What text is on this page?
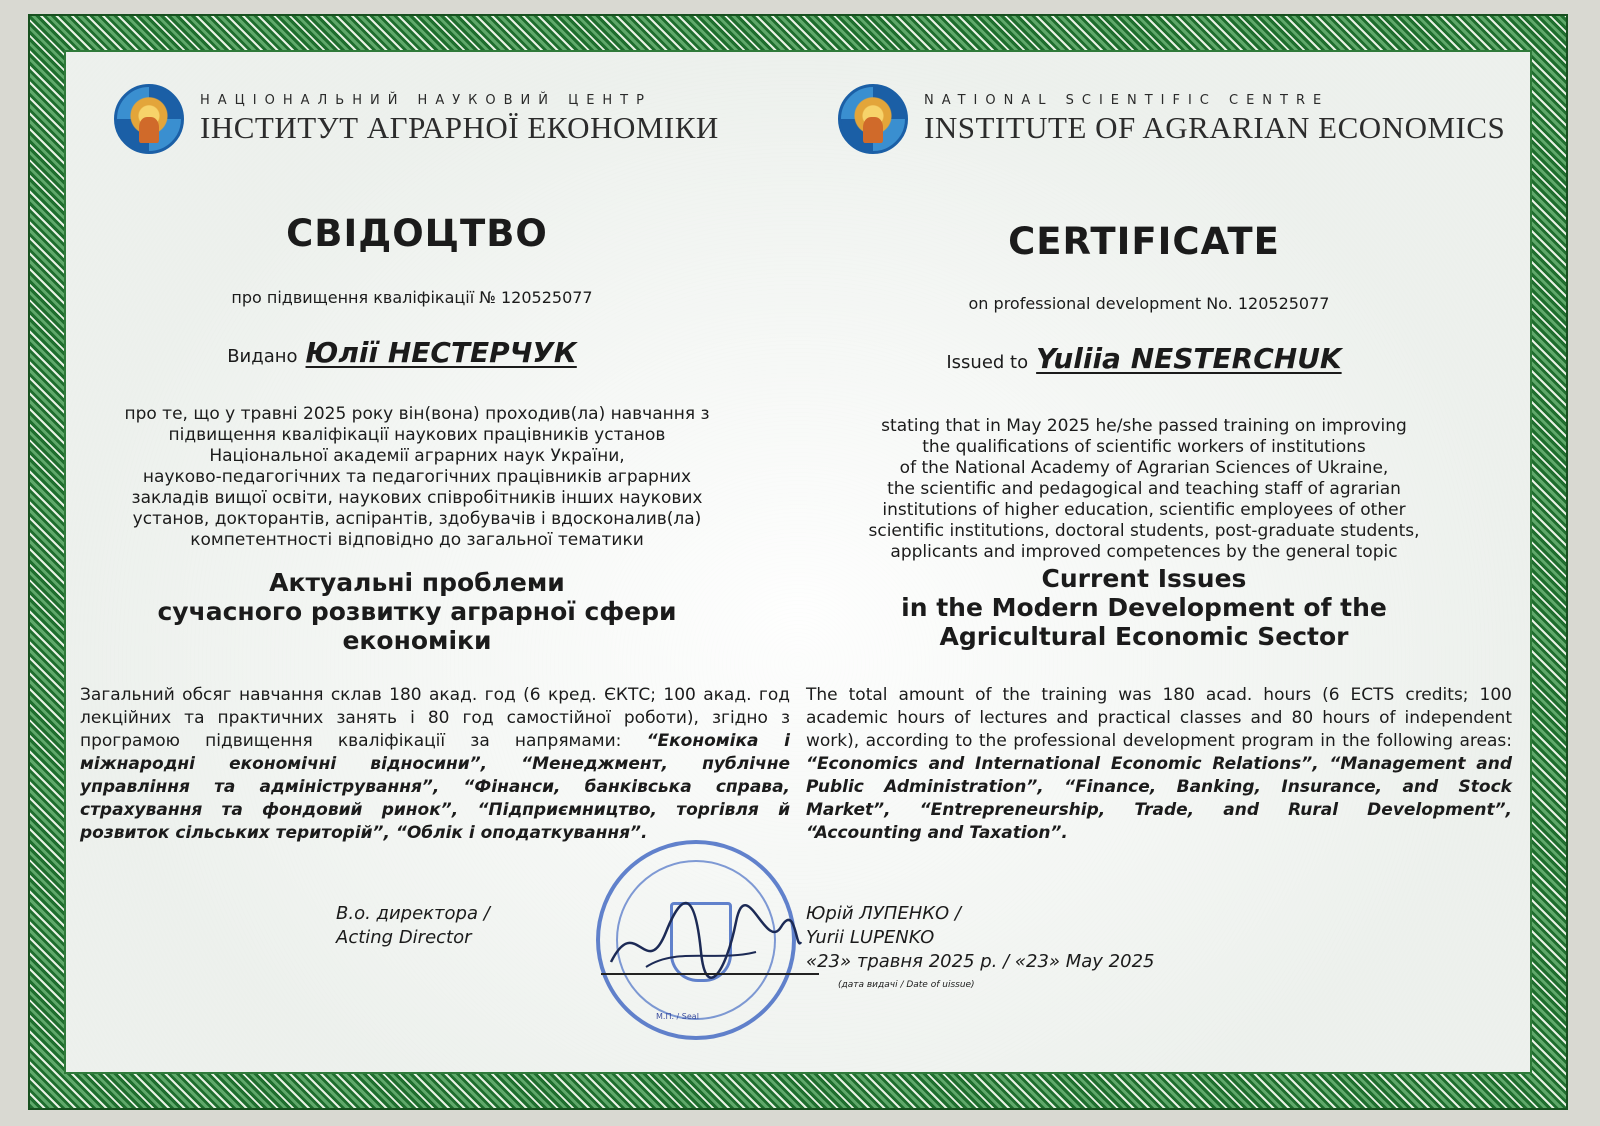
НАЦІОНАЛЬНИЙ НАУКОВИЙ ЦЕНТР
ІНСТИТУТ АГРАРНОЇ ЕКОНОМІКИ
СВІДОЦТВО
про підвищення кваліфікації № 120525077
Видано Юлії НЕСТЕРЧУК
про те, що у травні 2025 року він(вона) проходив(ла) навчання з
підвищення кваліфікації наукових працівників установ
Національної академії аграрних наук України,
науково-педагогічних та педагогічних працівників аграрних
закладів вищої освіти, наукових співробітників інших наукових
установ, докторантів, аспірантів, здобувачів і вдосконалив(ла)
компетентності відповідно до загальної тематики
Актуальні проблеми
сучасного розвитку аграрної сфери
економіки
Загальний обсяг навчання склав 180 акад. год (6 кред. ЄКТС; 100 акад. год лекційних та практичних занять і 80 год самостійної роботи), згідно з програмою підвищення кваліфікації за напрямами: “Економіка і міжнародні економічні відносини”, “Менеджмент, публічне управління та адміністрування”, “Фінанси, банківська справа, страхування та фондовий ринок”, “Підприємництво, торгівля й розвиток сільських територій”, “Облік і оподаткування”.
В.о. директора /
Acting Director
М.П. / Seal
NATIONAL SCIENTIFIC CENTRE
INSTITUTE OF AGRARIAN ECONOMICS
CERTIFICATE
on professional development No. 120525077
Issued to Yuliia NESTERCHUK
stating that in May 2025 he/she passed training on improving
the qualifications of scientific workers of institutions
of the National Academy of Agrarian Sciences of Ukraine,
the scientific and pedagogical and teaching staff of agrarian
institutions of higher education, scientific employees of other
scientific institutions, doctoral students, post-graduate students,
applicants and improved competences by the general topic
Current Issues
in the Modern Development of the
Agricultural Economic Sector
The total amount of the training was 180 acad. hours (6 ECTS credits; 100 academic hours of lectures and practical classes and 80 hours of independent work), according to the professional development program in the following areas: “Economics and International Economic Relations”, “Management and Public Administration”, “Finance, Banking, Insurance, and Stock Market”, “Entrepreneurship, Trade, and Rural Development”, “Accounting and Taxation”.
Юрій ЛУПЕНКО /
Yurii LUPENKO
«23» травня 2025 р. / «23» May 2025
(дата видачі / Date of uissue)
